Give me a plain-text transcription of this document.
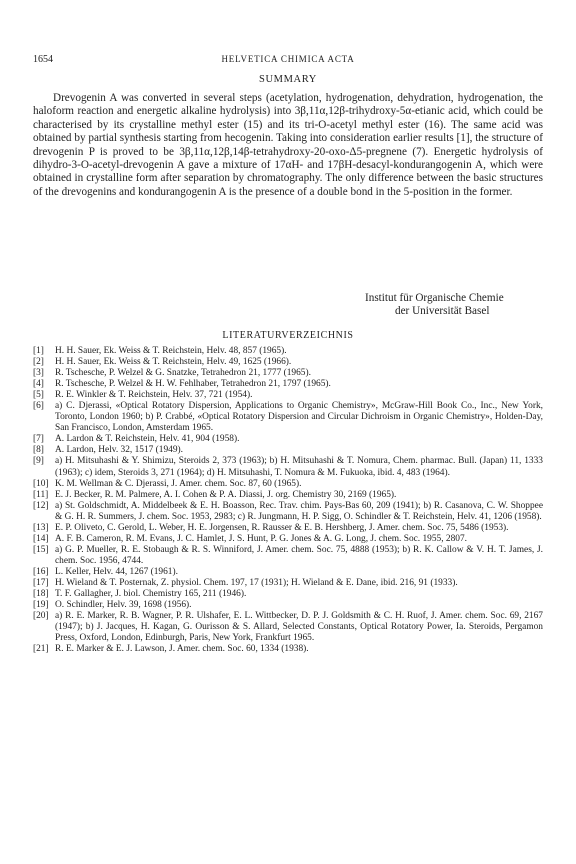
1654	HELVETICA CHIMICA ACTA
SUMMARY

Drevogenin A was converted in several steps (acetylation, hydrogenation, dehydration, hydrogenation, the haloform reaction and energetic alkaline hydrolysis) into 3β,11α,12β-trihydroxy-5α-etianic acid, which could be characterised by its crystalline methyl ester (15) and its tri-O-acetyl methyl ester (16). The same acid was obtained by partial synthesis starting from hecogenin. Taking into consideration earlier results [1], the structure of drevogenin P is proved to be 3β,11α,12β,14β-tetrahydroxy-20-oxo-Δ5-pregnene (7). Energetic hydrolysis of dihydro-3-O-acetyl-drevogenin A gave a mixture of 17αH- and 17βH-desacyl-kondurangogenin A, which were obtained in crystalline form after separation by chromatography. The only difference between the basic structures of the drevogenins and kondurangogenin A is the presence of a double bond in the 5-position in the former.

Institut für Organische Chemie
der Universität Basel
LITERATURVERZEICHNIS
[1]	H. H. Sauer, Ek. Weiss & T. Reichstein, Helv. 48, 857 (1965).
[2]	H. H. Sauer, Ek. Weiss & T. Reichstein, Helv. 49, 1625 (1966).
[3]	R. Tschesche, P. Welzel & G. Snatzke, Tetrahedron 21, 1777 (1965).
[4]	R. Tschesche, P. Welzel & H. W. Fehlhaber, Tetrahedron 21, 1797 (1965).
[5]	R. E. Winkler & T. Reichstein, Helv. 37, 721 (1954).
[6]	a) C. Djerassi, «Optical Rotatory Dispersion, Applications to Organic Chemistry», McGraw-Hill Book Co., Inc., New York, Toronto, London 1960; b) P. Crabbé, «Optical Rotatory Dispersion and Circular Dichroism in Organic Chemistry», Holden-Day, San Francisco, London, Amsterdam 1965.
[7]	A. Lardon & T. Reichstein, Helv. 41, 904 (1958).
[8]	A. Lardon, Helv. 32, 1517 (1949).
[9]	a) H. Mitsuhashi & Y. Shimizu, Steroids 2, 373 (1963); b) H. Mitsuhashi & T. Nomura, Chem. pharmac. Bull. (Japan) 11, 1333 (1963); c) idem, Steroids 3, 271 (1964); d) H. Mitsuhashi, T. Nomura & M. Fukuoka, ibid. 4, 483 (1964).
[10] K. M. Wellman & C. Djerassi, J. Amer. chem. Soc. 87, 60 (1965).
[11] E. J. Becker, R. M. Palmere, A. I. Cohen & P. A. Diassi, J. org. Chemistry 30, 2169 (1965).
[12] a) St. Goldschmidt, A. Middelbeek & E. H. Boasson, Rec. Trav. chim. Pays-Bas 60, 209 (1941); b) R. Casanova, C. W. Shoppee & G. H. R. Summers, J. chem. Soc. 1953, 2983; c) R. Jungmann, H. P. Sigg, O. Schindler & T. Reichstein, Helv. 41, 1206 (1958).
[13] E. P. Oliveto, C. Gerold, L. Weber, H. E. Jorgensen, R. Rausser & E. B. Hershberg, J. Amer. chem. Soc. 75, 5486 (1953).
[14] A. F. B. Cameron, R. M. Evans, J. C. Hamlet, J. S. Hunt, P. G. Jones & A. G. Long, J. chem. Soc. 1955, 2807.
[15] a) G. P. Mueller, R. E. Stobaugh & R. S. Winniford, J. Amer. chem. Soc. 75, 4888 (1953); b) R. K. Callow & V. H. T. James, J. chem. Soc. 1956, 4744.
[16] L. Keller, Helv. 44, 1267 (1961).
[17] H. Wieland & T. Posternak, Z. physiol. Chem. 197, 17 (1931); H. Wieland & E. Dane, ibid. 216, 91 (1933).
[18] T. F. Gallagher, J. biol. Chemistry 165, 211 (1946).
[19] O. Schindler, Helv. 39, 1698 (1956).
[20] a) R. E. Marker, R. B. Wagner, P. R. Ulshafer, E. L. Wittbecker, D. P. J. Goldsmith & C. H. Ruof, J. Amer. chem. Soc. 69, 2167 (1947); b) J. Jacques, H. Kagan, G. Ourisson & S. Allard, Selected Constants, Optical Rotatory Power, Ia. Steroids, Pergamon Press, Oxford, London, Edinburgh, Paris, New York, Frankfurt 1965.
[21] R. E. Marker & E. J. Lawson, J. Amer. chem. Soc. 60, 1334 (1938).
